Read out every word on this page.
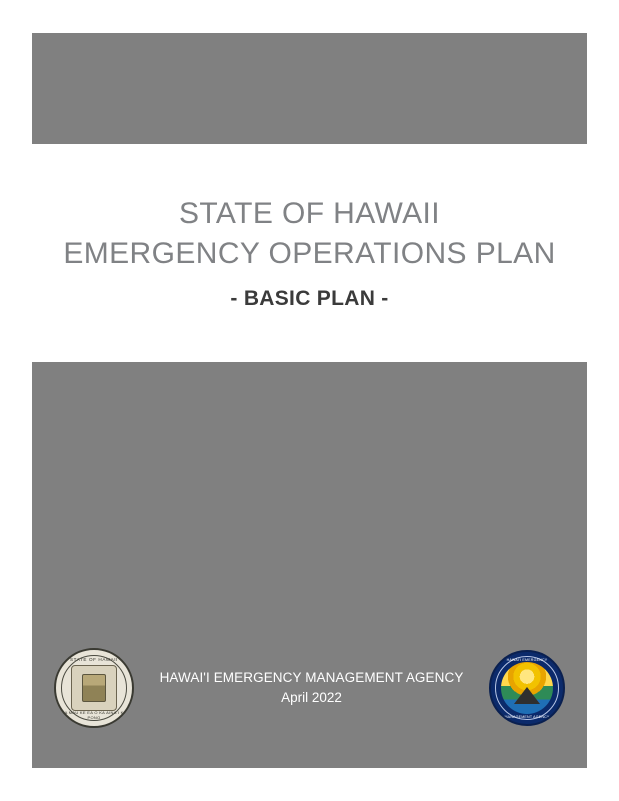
STATE OF HAWAII
EMERGENCY OPERATIONS PLAN
- BASIC PLAN -
STATE OF HAWAII
UA MAU KE EA O KA AINA I KA PONO
HAWAI'I EMERGENCY MANAGEMENT AGENCY
April 2022
HAWAI'I EMERGENCY
MANAGEMENT AGENCY
